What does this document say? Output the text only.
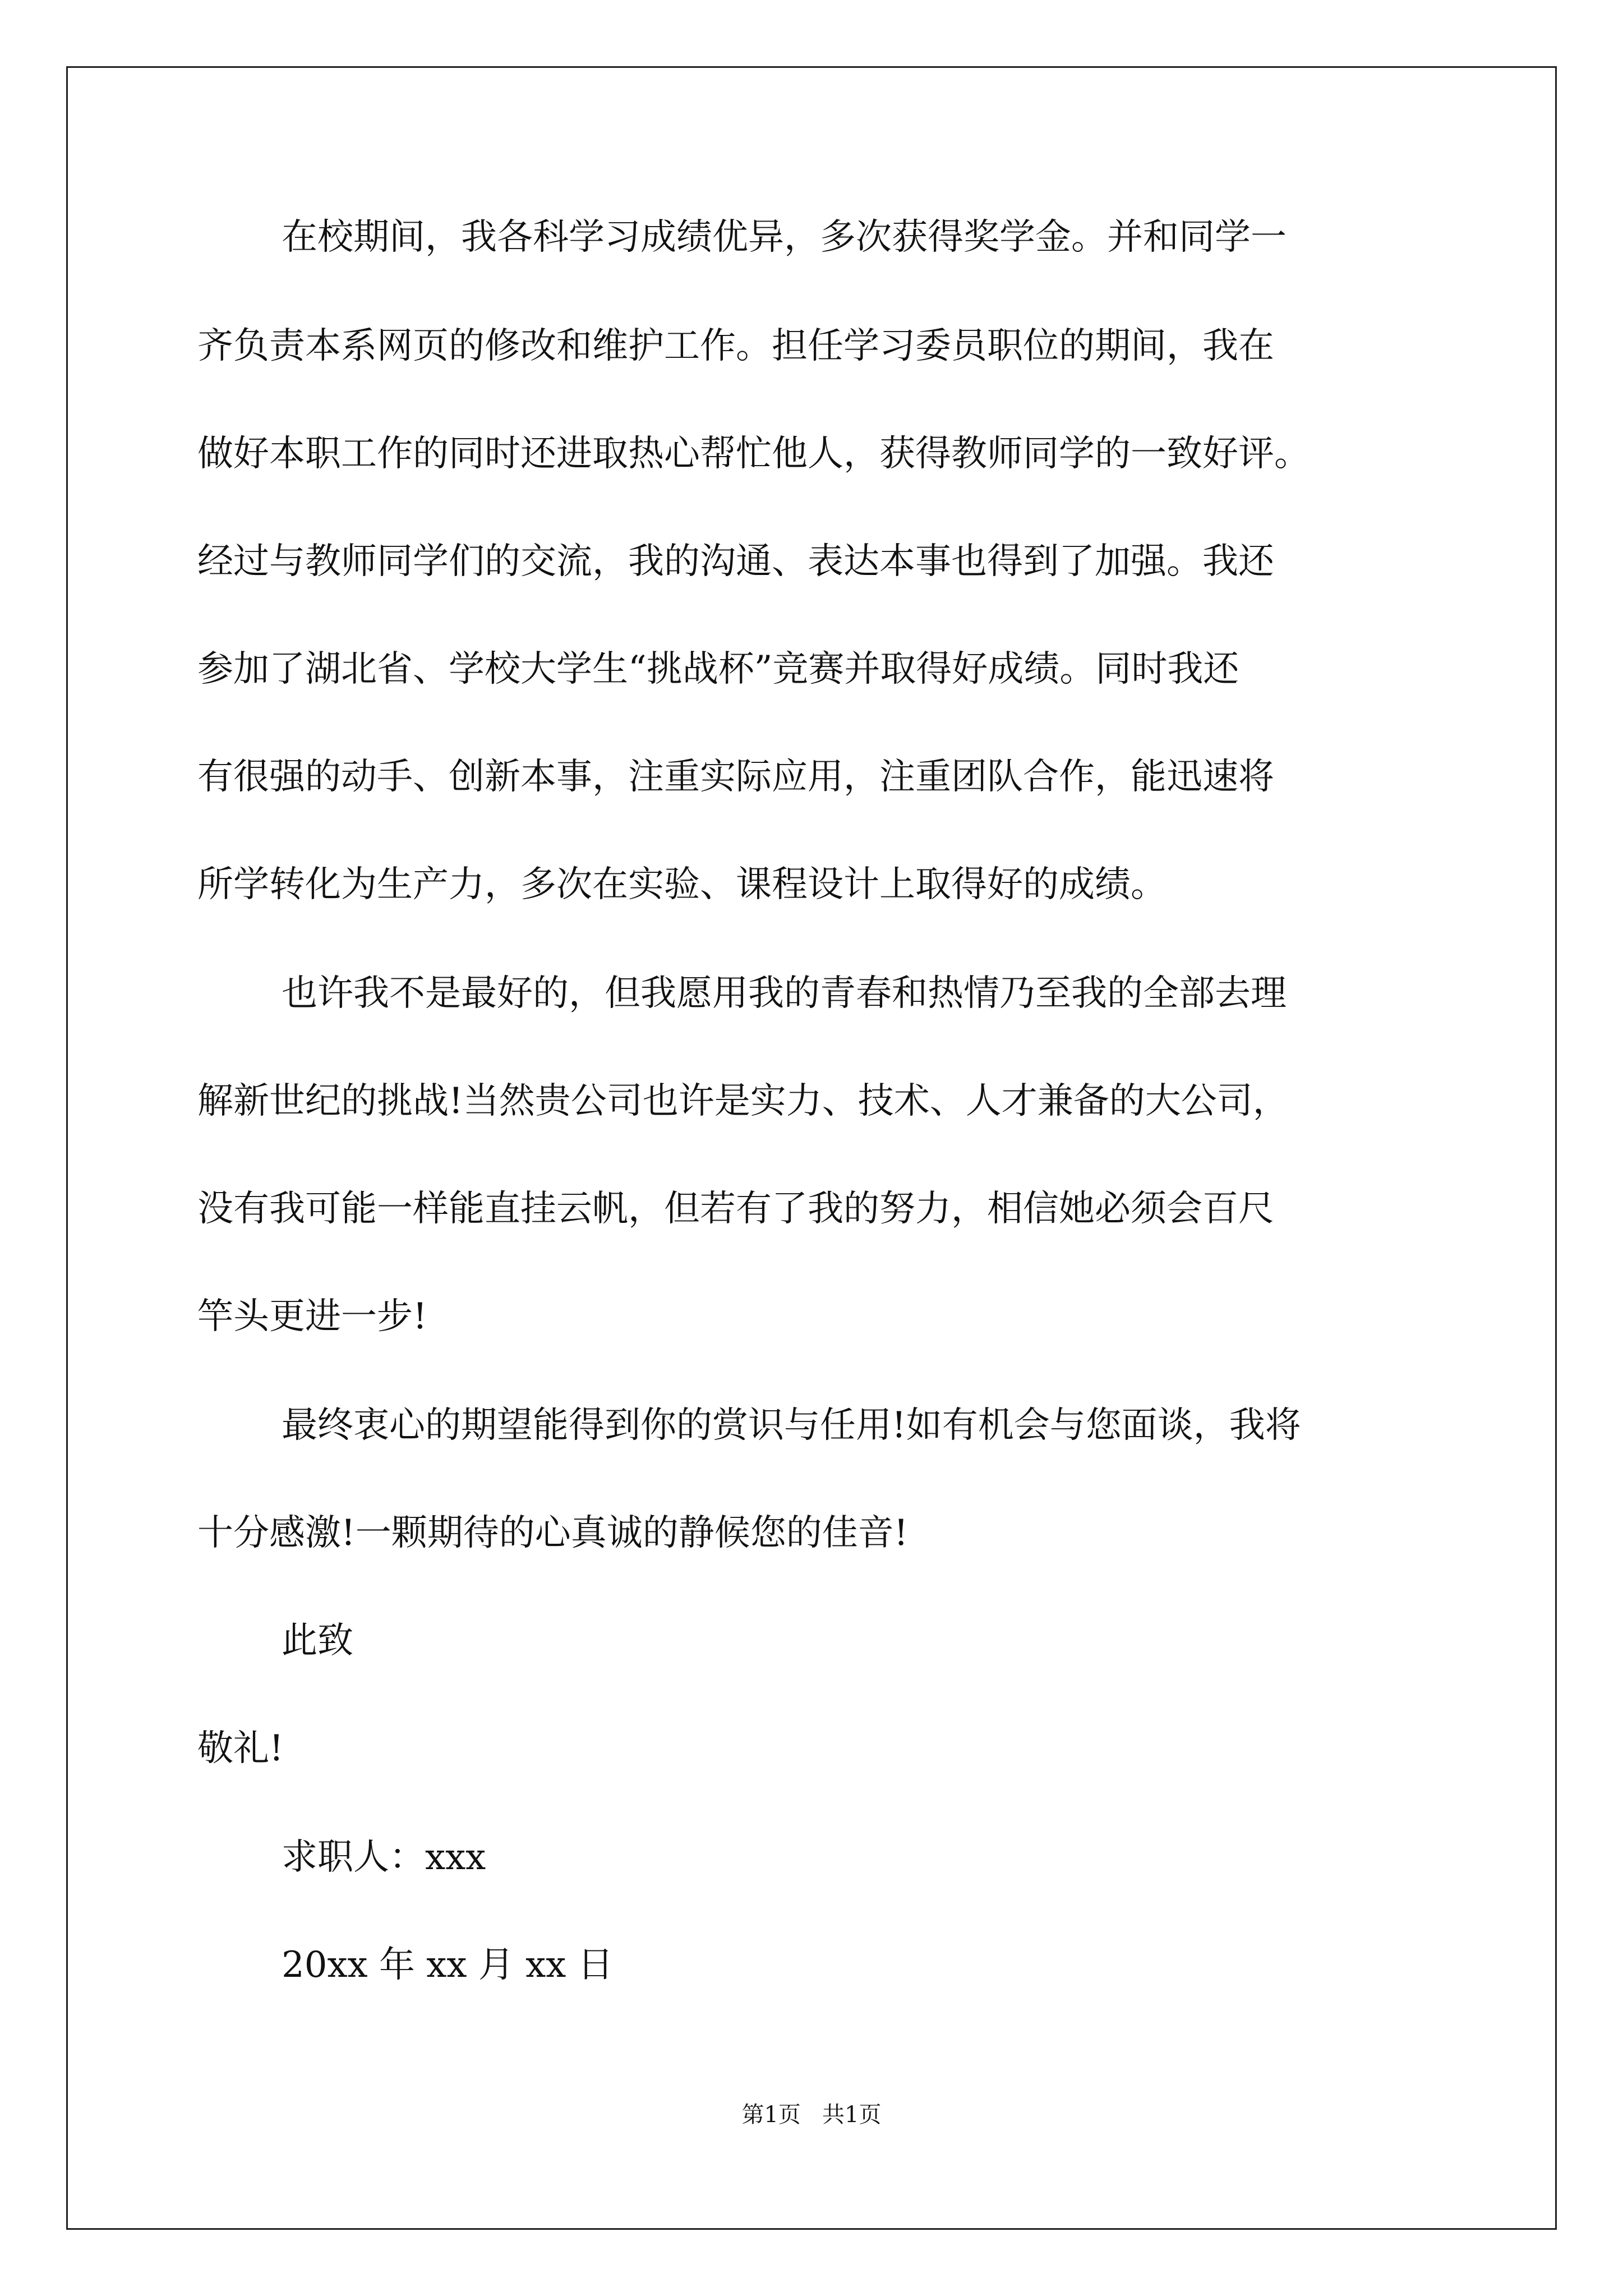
在校期间，我各科学习成绩优异，多次获得奖学金。并和同学一
齐负责本系网页的修改和维护工作。担任学习委员职位的期间，我在
做好本职工作的同时还进取热心帮忙他人，获得教师同学的一致好评。
经过与教师同学们的交流，我的沟通、表达本事也得到了加强。我还
参加了湖北省、学校大学生“挑战杯”竞赛并取得好成绩。同时我还
有很强的动手、创新本事，注重实际应用，注重团队合作，能迅速将
所学转化为生产力，多次在实验、课程设计上取得好的成绩。
也许我不是最好的，但我愿用我的青春和热情乃至我的全部去理
解新世纪的挑战!当然贵公司也许是实力、技术、人才兼备的大公司，
没有我可能一样能直挂云帆，但若有了我的努力，相信她必须会百尺
竿头更进一步!
最终衷心的期望能得到你的赏识与任用!如有机会与您面谈，我将
十分感激!一颗期待的心真诚的静候您的佳音!
此致
敬礼!
求职人：xxx
20xx 年 xx 月 xx 日
第1页   共1页
